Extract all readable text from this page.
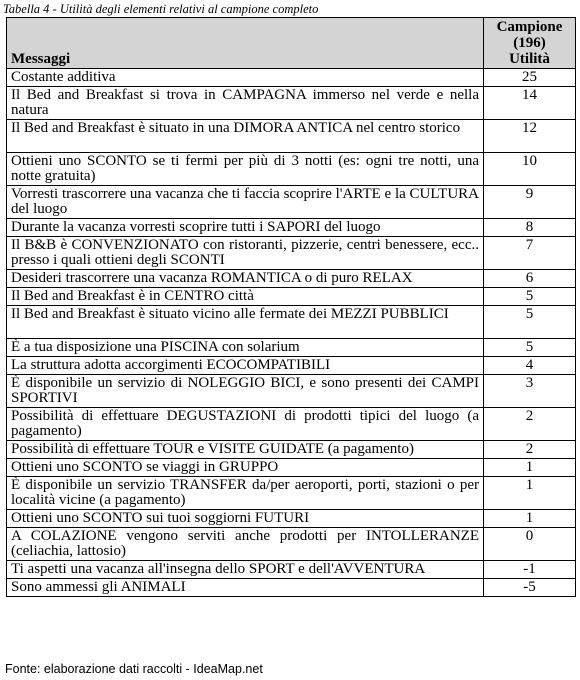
Tabella 4 - Utilità degli elementi relativi al campione completo
Messaggi	Campione
(196)
Utilità

Costante additiva	25
Il Bed and Breakfast si trova in CAMPAGNA immerso nel verde e nella natura	14
Il Bed and Breakfast è situato in una DIMORA ANTICA nel centro storico	12
Ottieni uno SCONTO se ti fermi per più di 3 notti (es: ogni tre notti, una notte gratuita)	10
Vorresti trascorrere una vacanza che ti faccia scoprire l'ARTE e la CULTURA del luogo	9
Durante la vacanza vorresti scoprire tutti i SAPORI del luogo	8
Il B&B è CONVENZIONATO con ristoranti, pizzerie, centri benessere, ecc.. presso i quali ottieni degli SCONTI	7
Desideri trascorrere una vacanza ROMANTICA o di puro RELAX	6
Il Bed and Breakfast è in CENTRO città	5
Il Bed and Breakfast è situato vicino alle fermate dei MEZZI PUBBLICI	5
È a tua disposizione una PISCINA con solarium	5
La struttura adotta accorgimenti ECOCOMPATIBILI	4
È disponibile un servizio di NOLEGGIO BICI, e sono presenti dei CAMPI SPORTIVI	3
Possibilità di effettuare DEGUSTAZIONI di prodotti tipici del luogo (a pagamento)	2
Possibilità di effettuare TOUR e VISITE GUIDATE (a pagamento)	2
Ottieni uno SCONTO se viaggi in GRUPPO	1
È disponibile un servizio TRANSFER da/per aeroporti, porti, stazioni o per località vicine (a pagamento)	1
Ottieni uno SCONTO sui tuoi soggiorni FUTURI	1
A COLAZIONE vengono serviti anche prodotti per INTOLLERANZE (celiachia, lattosio)	0
Ti aspetti una vacanza all'insegna dello SPORT e dell'AVVENTURA	-1
Sono ammessi gli ANIMALI	-5
Fonte: elaborazione dati raccolti - IdeaMap.net
